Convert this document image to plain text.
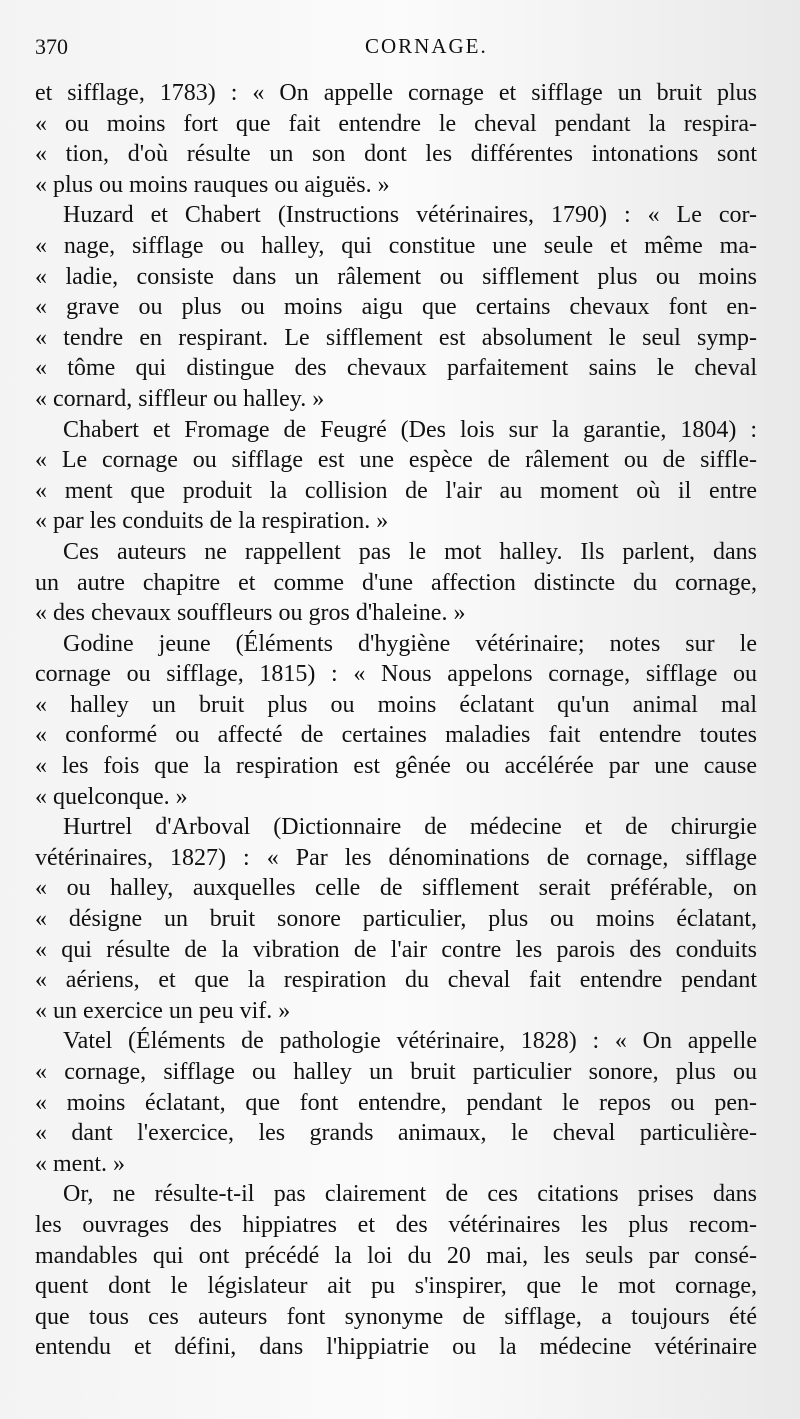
370	CORNAGE.
et sifflage, 1783) : « On appelle cornage et sifflage un bruit plus
« ou moins fort que fait entendre le cheval pendant la respira-
« tion, d'où résulte un son dont les différentes intonations sont
« plus ou moins rauques ou aiguës. »
Huzard et Chabert (Instructions vétérinaires, 1790) : « Le cor-
« nage, sifflage ou halley, qui constitue une seule et même ma-
« ladie, consiste dans un râlement ou sifflement plus ou moins
« grave ou plus ou moins aigu que certains chevaux font en-
« tendre en respirant. Le sifflement est absolument le seul symp-
« tôme qui distingue des chevaux parfaitement sains le cheval
« cornard, siffleur ou halley. »
Chabert et Fromage de Feugré (Des lois sur la garantie, 1804) :
« Le cornage ou sifflage est une espèce de râlement ou de siffle-
« ment que produit la collision de l'air au moment où il entre
« par les conduits de la respiration. »
Ces auteurs ne rappellent pas le mot halley. Ils parlent, dans
un autre chapitre et comme d'une affection distincte du cornage,
« des chevaux souffleurs ou gros d'haleine. »
Godine jeune (Éléments d'hygiène vétérinaire; notes sur le
cornage ou sifflage, 1815) : « Nous appelons cornage, sifflage ou
« halley un bruit plus ou moins éclatant qu'un animal mal
« conformé ou affecté de certaines maladies fait entendre toutes
« les fois que la respiration est gênée ou accélérée par une cause
« quelconque. »
Hurtrel d'Arboval (Dictionnaire de médecine et de chirurgie
vétérinaires, 1827) : « Par les dénominations de cornage, sifflage
« ou halley, auxquelles celle de sifflement serait préférable, on
« désigne un bruit sonore particulier, plus ou moins éclatant,
« qui résulte de la vibration de l'air contre les parois des conduits
« aériens, et que la respiration du cheval fait entendre pendant
« un exercice un peu vif. »
Vatel (Éléments de pathologie vétérinaire, 1828) : « On appelle
« cornage, sifflage ou halley un bruit particulier sonore, plus ou
« moins éclatant, que font entendre, pendant le repos ou pen-
« dant l'exercice, les grands animaux, le cheval particulière-
« ment. »
Or, ne résulte-t-il pas clairement de ces citations prises dans
les ouvrages des hippiatres et des vétérinaires les plus recom-
mandables qui ont précédé la loi du 20 mai, les seuls par consé-
quent dont le législateur ait pu s'inspirer, que le mot cornage,
que tous ces auteurs font synonyme de sifflage, a toujours été
entendu et défini, dans l'hippiatrie ou la médecine vétérinaire
